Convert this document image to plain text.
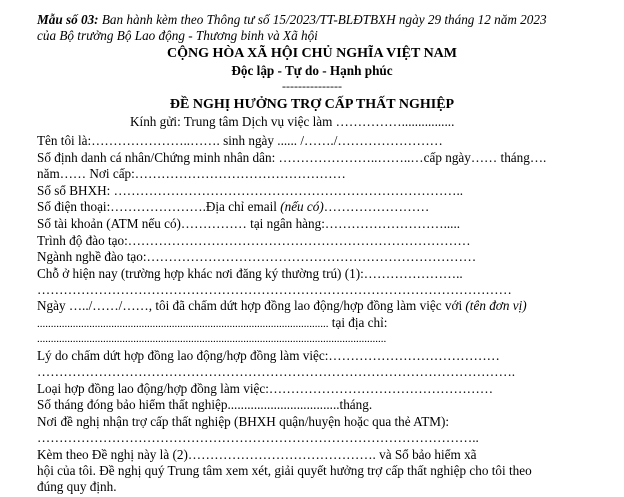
Mẫu số 03: Ban hành kèm theo Thông tư số 15/2023/TT-BLĐTBXH ngày 29 tháng 12 năm 2023
của Bộ trưởng Bộ Lao động - Thương binh và Xã hội
CỘNG HÒA XÃ HỘI CHỦ NGHĨA VIỆT NAM
Độc lập - Tự do - Hạnh phúc
---------------
ĐỀ NGHỊ HƯỞNG TRỢ CẤP THẤT NGHIỆP
Kính gửi: Trung tâm Dịch vụ việc làm ……………................
Tên tôi là:…………………..……. sinh ngày ...... /……./……………………
Số định danh cá nhân/Chứng minh nhân dân: …………………..……..…cấp ngày…… tháng….
năm…… Nơi cấp:…………………………………………
Số sổ BHXH: ……………………………………………………………………..
Số điện thoại:………………….Địa chỉ email (nếu có)……………………
Số tài khoản (ATM nếu có)…………… tại ngân hàng:……………………….....
Trình độ đào tạo:……………………………………………………………………
Ngành nghề đào tạo:…………………………………………………………………
Chỗ ở hiện nay (trường hợp khác nơi đăng ký thường trú) (1):…………………..
………………………………………………………………………………………………
Ngày …../……/……, tôi đã chấm dứt hợp đồng lao động/hợp đồng làm việc với (tên đơn vị)
.......................................................................................................... tại địa chỉ:
...............................................................................................................................
Lý do chấm dứt hợp đồng lao động/hợp đồng làm việc:…………………………………
……………………………………………………………………………………………….
Loại hợp đồng lao động/hợp đồng làm việc:……………………………………………
Số tháng đóng bảo hiểm thất nghiệp..................................tháng.
Nơi đề nghị nhận trợ cấp thất nghiệp (BHXH quận/huyện hoặc qua thẻ ATM):
………………………………………………………………………………………..
Kèm theo Đề nghị này là (2)……………………………………. và Sổ bảo hiểm xã
hội của tôi. Đề nghị quý Trung tâm xem xét, giải quyết hưởng trợ cấp thất nghiệp cho tôi theo
đúng quy định.
